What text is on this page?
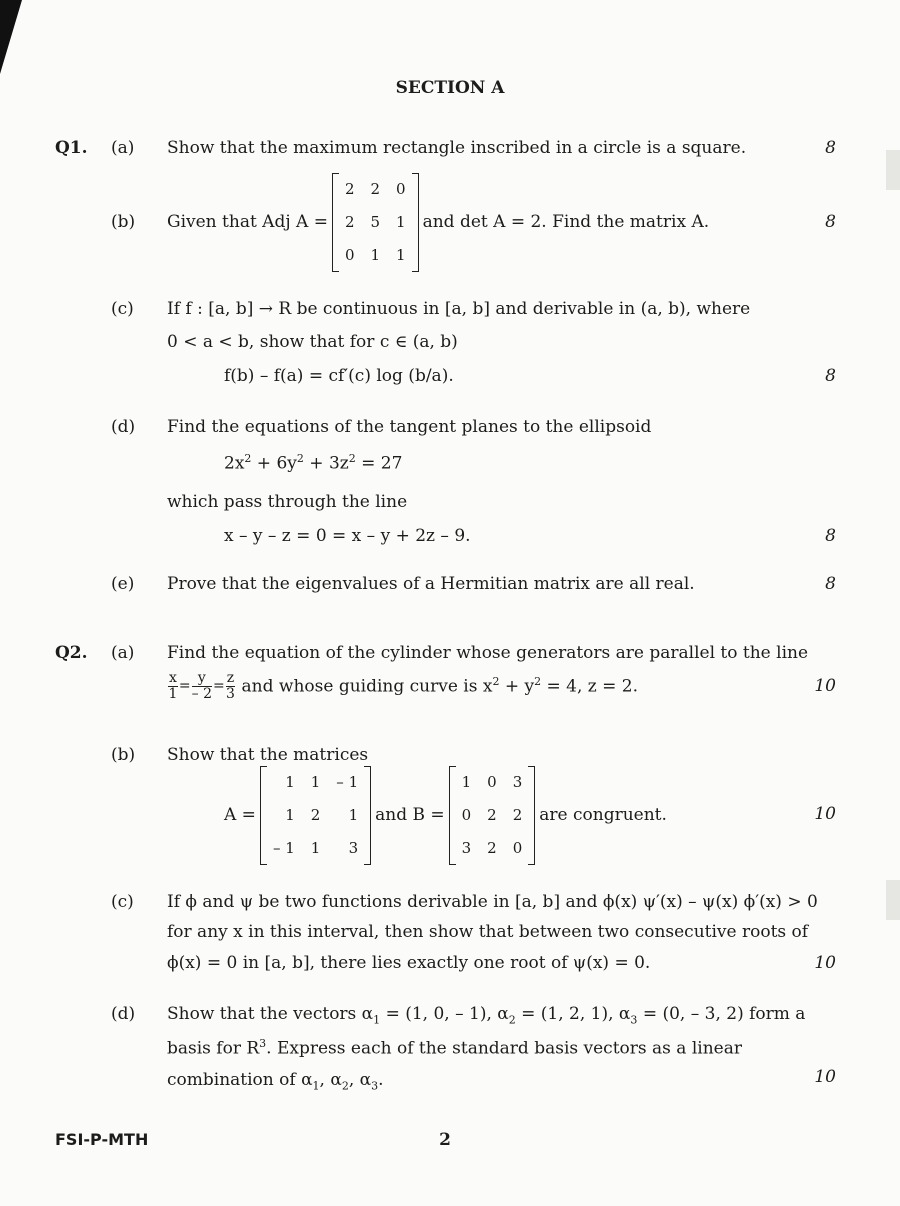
SECTION A
Q1. (a) Show that the maximum rectangle inscribed in a circle is a square.	8
(b) Given that Adj A =
2	2	0
2	5	1
0	1	1
and det A = 2. Find the matrix A.	8
(c) If f : [a, b] → R be continuous in [a, b] and derivable in (a, b), where
0 < a < b, show that for c ∈ (a, b)
f(b) – f(a) = cf′(c) log (b/a).	8
(d) Find the equations of the tangent planes to the ellipsoid
$2x^2 + 6y^2 + 3z^2 = 27$
which pass through the line
x – y – z = 0 = x – y + 2z – 9.	8
(e) Prove that the eigenvalues of a Hermitian matrix are all real.	8
Q2. (a) Find the equation of the cylinder whose generators are parallel to the line
$\frac{x}{1} = \frac{y}{- 2} = \frac{z}{3}$ and whose guiding curve is $x^2 + y^2 = 4$, z = 2.	10
(b) Show that the matrices
A =
1	1	– 1
1	2	1
– 1	1	3
and B =
1	0	3
0	2	2
3	2	0
are congruent.	10
(c) If ϕ and ψ be two functions derivable in [a, b] and ϕ(x) ψ′(x) – ψ(x) ϕ′(x) > 0
for any x in this interval, then show that between two consecutive roots of
ϕ(x) = 0 in [a, b], there lies exactly one root of ψ(x) = 0.	10
(d) Show that the vectors $\alpha_1 = (1$, 0, – 1), $\alpha_2 = (1$, 2, 1), $\alpha_3 = (0$, – 3, 2) form a
basis for $R^3$. Express each of the standard basis vectors as a linear
combination of $\alpha_1$, $\alpha_2$, $\alpha_3$.	10
FSI-P-MTH	2
